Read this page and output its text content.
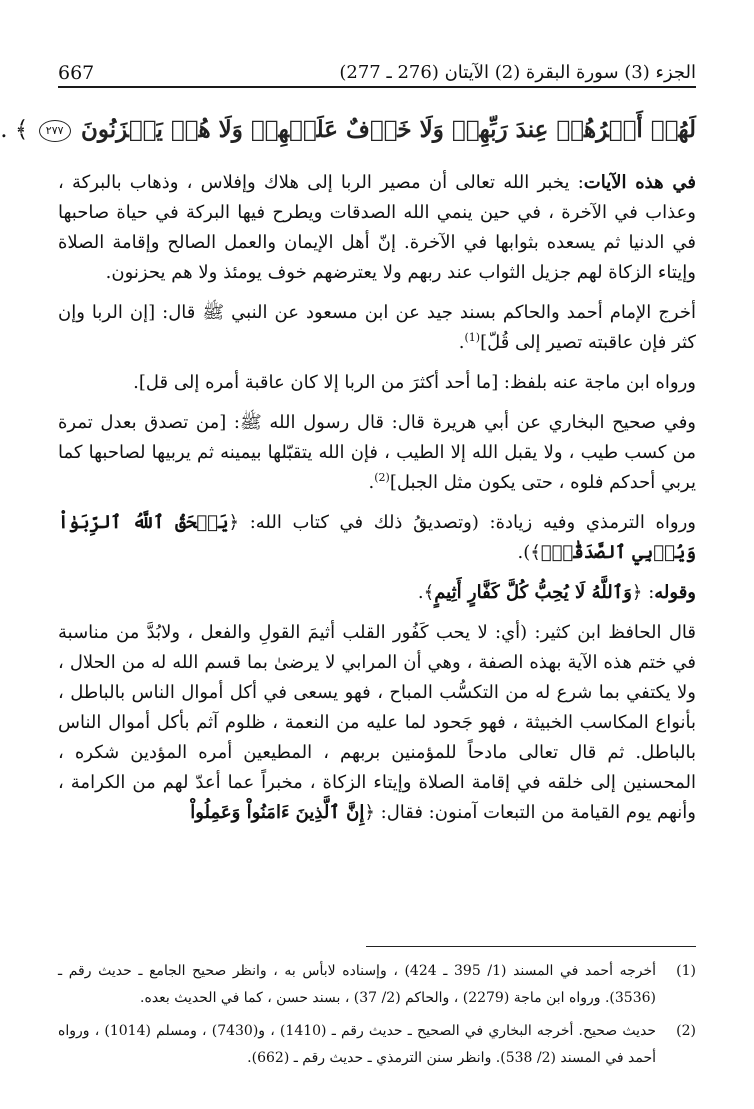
الجزء (3) سورة البقرة (2) الآيتان (276 ـ 277)
667
لَهُمۡ أَجۡرُهُمۡ عِندَ رَبِّهِمۡ وَلَا خَوۡفٌ عَلَيۡهِمۡ وَلَا هُمۡ يَحۡزَنُونَ ٢٧٧ ﴾ .

في هذه الآيات: يخبر الله تعالى أن مصير الربا إلى هلاك وإفلاس ، وذهاب بالبركة ، وعذاب في الآخرة ، في حين ينمي الله الصدقات ويطرح فيها البركة في حياة صاحبها في الدنيا ثم يسعده بثوابها في الآخرة. إنّ أهل الإيمان والعمل الصالح وإقامة الصلاة وإيتاء الزكاة لهم جزيل الثواب عند ربهم ولا يعترضهم خوف يومئذ ولا هم يحزنون.

أخرج الإمام أحمد والحاكم بسند جيد عن ابن مسعود عن النبي ﷺ قال: [إن الربا وإن كثر فإن عاقبته تصير إلى قُلّ]$^{(1)}$.

ورواه ابن ماجة عنه بلفظ: [ما أحد أكثرَ من الربا إلا كان عاقبة أمره إلى قل].

وفي صحيح البخاري عن أبي هريرة قال: قال رسول الله ﷺ: [من تصدق بعدل تمرة من كسب طيب ، ولا يقبل الله إلا الطيب ، فإن الله يتقبّلها بيمينه ثم يربيها لصاحبها كما يربي أحدكم فلوه ، حتى يكون مثل الجبل]$^{(2)}$.

ورواه الترمذي وفيه زيادة: (وتصديقُ ذلك في كتاب الله: ﴿يَمۡحَقُ ٱللَّهُ ٱلرِّبَوٰاْ وَيُرۡبِي ٱلصَّدَقَٰتِۗ﴾).

وقوله: ﴿وَٱللَّهُ لَا يُحِبُّ كُلَّ كَفَّارٍ أَثِيمٍ﴾.

قال الحافظ ابن كثير: (أي: لا يحب كَفُور القلب أثيمَ القولِ والفعل ، ولابُدَّ من مناسبة في ختم هذه الآية بهذه الصفة ، وهي أن المرابي لا يرضىٰ بما قسم الله له من الحلال ، ولا يكتفي بما شرع له من التكسُّب المباح ، فهو يسعى في أكل أموال الناس بالباطل ، بأنواع المكاسب الخبيثة ، فهو جَحود لما عليه من النعمة ، ظلوم آثم بأكل أموال الناس بالباطل. ثم قال تعالى مادحاً للمؤمنين بربهم ، المطيعين أمره المؤدين شكره ، المحسنين إلى خلقه في إقامة الصلاة وإيتاء الزكاة ، مخبراً عما أعدّ لهم من الكرامة ، وأنهم يوم القيامة من التبعات آمنون: فقال: ﴿إِنَّ ٱلَّذِينَ ءَامَنُواْ وَعَمِلُواْ

(1)
أخرجه أحمد في المسند (1/ 395 ـ 424) ، وإسناده لابأس به ، وانظر صحيح الجامع ـ حديث رقم ـ (3536). ورواه ابن ماجة (2279) ، والحاكم (2/ 37) ، بسند حسن ، كما في الحديث بعده.
(2)
حديث صحيح. أخرجه البخاري في الصحيح ـ حديث رقم ـ (1410) ، و(7430) ، ومسلم (1014) ، ورواه أحمد في المسند (2/ 538). وانظر سنن الترمذي ـ حديث رقم ـ (662).
